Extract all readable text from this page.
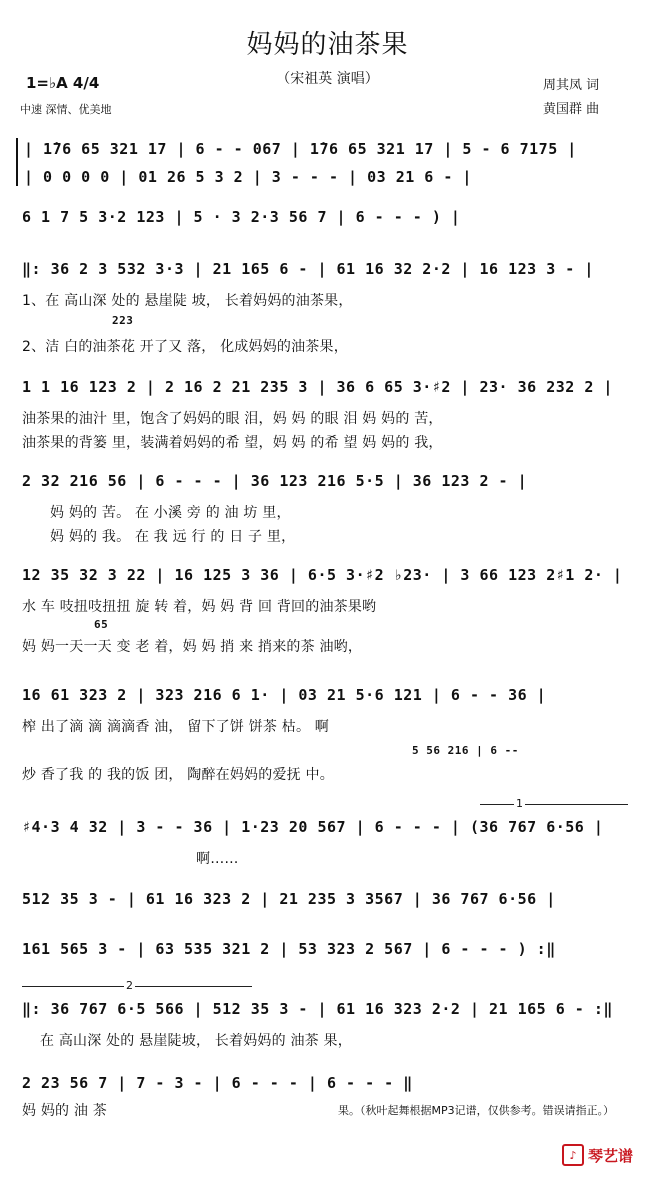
妈妈的油茶果
（宋祖英 演唱）
1=♭A 4/4
中速 深情、优美地
周其凤 词
黄国群 曲
| 1̇76 65 321 17 | 6 - - 067 | 1̇76 65 321 17 | 5 - 6 7175 |
| 0 0 0 0 | 01 26 5 3 2 | 3 - - - | 03 21 6 - |
6 1 7 5 3·2 123 | 5 · 3 2·3 56 7 | 6 - - - ) |
‖: 36 2 3 532 3·3 | 21 165 6 - | 61 16 32 2·2 | 16 123 3 - |
1、在 高山深 处的 悬崖陡 坡， 长着妈妈的油茶果，
223
2、洁 白的油茶花 开了又 落， 化成妈妈的油茶果，
1 1 16 123 2 | 2 16 2 21 235 3 | 36 6 65 3·♯2 | 23· 36 232 2 |
油茶果的油汁 里，饱含了妈妈的眼 泪，妈 妈 的眼 泪 妈 妈的 苦，
油茶果的背篓 里，装满着妈妈的希 望，妈 妈 的希 望 妈 妈的 我，
2 32 216 56 | 6 - - - | 36 123 216 5·5 | 36 123 2 - |
妈 妈的 苦。 在 小溪 旁 的 油 坊 里，
妈 妈的 我。 在 我 远 行 的 日 子 里，
12 35 32 3 22 | 16 125 3 36 | 6·5 3·♯2 ♭23· | 3 66 123 2♯1 2· |
水 车 吱扭吱扭扭 旋 转 着，妈 妈 背 回 背回的油茶果哟
65
妈 妈一天一天 变 老 着，妈 妈 捎 来 捎来的茶 油哟，
16 61 323 2 | 323 216 6 1· | 03 21 5·6 121 | 6 - - 36 |
榨 出了滴 滴 滴滴香 油， 留下了饼 饼茶 枯。 啊
5 56 216 | 6 --
炒 香了我 的 我的饭 团， 陶醉在妈妈的爱抚 中。
1
♯4·3 4 32 | 3 - - 36 | 1·23 20 567 | 6 - - - | (36 767 6·56 |
啊……
512 35 3 - | 61 16 323 2 | 21 235 3 3567 | 36 767 6·56 |
161 565 3 - | 63 535 321 2 | 53 323 2 567 | 6 - - - ) :‖
2
‖: 36 767 6·5 566 | 512 35 3 - | 61 16 323 2·2 | 21 165 6 - :‖
在 高山深 处的 悬崖陡坡， 长着妈妈的 油茶 果，
2 23 56 7 | 7 - 3 - | 6 - - - | 6 - - - ‖
妈 妈的 油 茶	果。（秋叶起舞根据MP3记谱，仅供参考。错误请指正。）
♪ 琴艺谱
